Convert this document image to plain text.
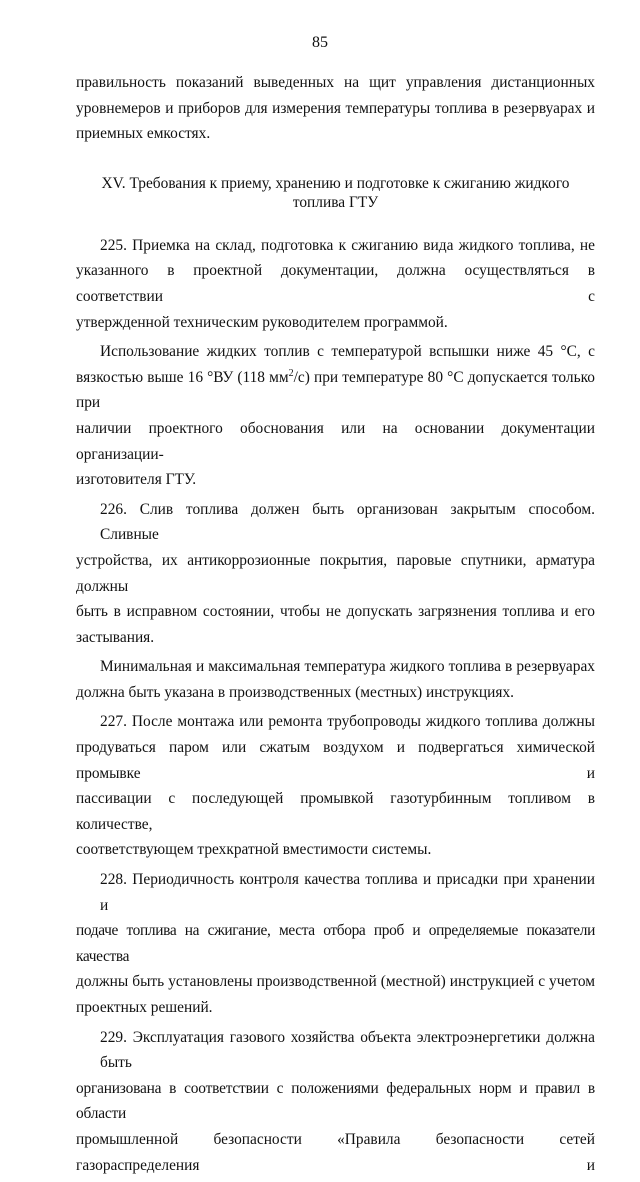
85
правильность показаний выведенных на щит управления дистанционных
уровнемеров и приборов для измерения температуры топлива в резервуарах и
приемных емкостях.
XV. Требования к приему, хранению и подготовке к сжиганию жидкого
топлива ГТУ
225. Приемка на склад, подготовка к сжиганию вида жидкого топлива, не
указанного в проектной документации, должна осуществляться в соответствии с
утвержденной техническим руководителем программой.
Использование жидких топлив с температурой вспышки ниже 45 °С, с
вязкостью выше 16 °ВУ (118 $мм^2/с$) при температуре 80 °С допускается только при
наличии проектного обоснования или на основании документации организации-
изготовителя ГТУ.
226. Слив топлива должен быть организован закрытым способом. Сливные
устройства, их антикоррозионные покрытия, паровые спутники, арматура должны
быть в исправном состоянии, чтобы не допускать загрязнения топлива и его
застывания.
Минимальная и максимальная температура жидкого топлива в резервуарах
должна быть указана в производственных (местных) инструкциях.
227. После монтажа или ремонта трубопроводы жидкого топлива должны
продуваться паром или сжатым воздухом и подвергаться химической промывке и
пассивации с последующей промывкой газотурбинным топливом в количестве,
соответствующем трехкратной вместимости системы.
228. Периодичность контроля качества топлива и присадки при хранении и
подаче топлива на сжигание, места отбора проб и определяемые показатели качества
должны быть установлены производственной (местной) инструкцией с учетом
проектных решений.
229. Эксплуатация газового хозяйства объекта электроэнергетики должна быть
организована в соответствии с положениями федеральных норм и правил в области
промышленной безопасности «Правила безопасности сетей газораспределения и
